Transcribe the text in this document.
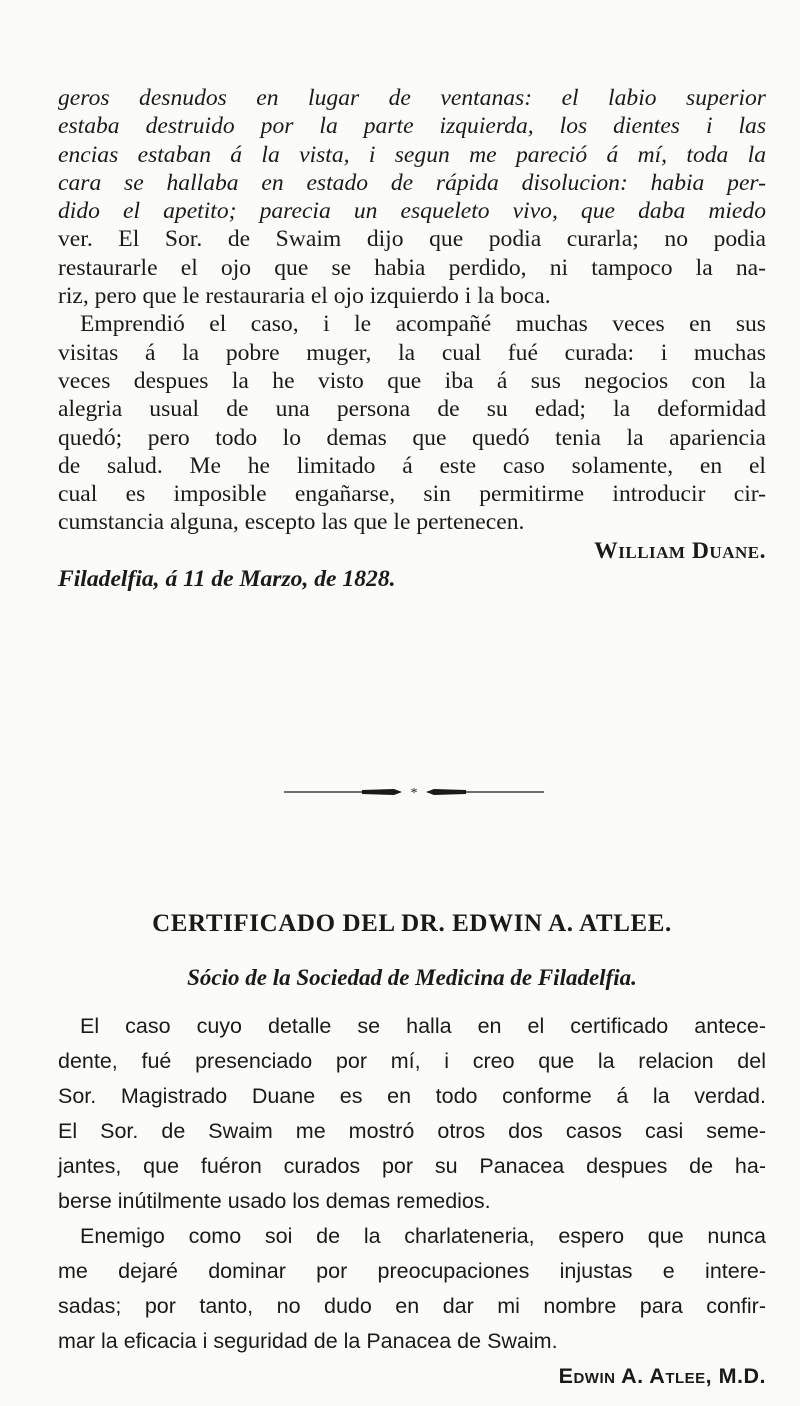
geros desnudos en lugar de ventanas: el labio superior
estaba destruido por la parte izquierda, los dientes i las
encias estaban á la vista, i segun me pareció á mí, toda la
cara se hallaba en estado de rápida disolucion: habia per-
dido el apetito; parecia un esqueleto vivo, que daba miedo
ver. El Sor. de Swaim dijo que podia curarla; no podia
restaurarle el ojo que se habia perdido, ni tampoco la na-
riz, pero que le restauraria el ojo izquierdo i la boca.
Emprendió el caso, i le acompañé muchas veces en sus
visitas á la pobre muger, la cual fué curada: i muchas
veces despues la he visto que iba á sus negocios con la
alegria usual de una persona de su edad; la deformidad
quedó; pero todo lo demas que quedó tenia la apariencia
de salud. Me he limitado á este caso solamente, en el
cual es imposible engañarse, sin permitirme introducir cir-
cumstancia alguna, escepto las que le pertenecen.
William Duane.
Filadelfia, á 11 de Marzo, de 1828.
*
CERTIFICADO DEL DR. EDWIN A. ATLEE.
Sócio de la Sociedad de Medicina de Filadelfia.
El caso cuyo detalle se halla en el certificado antece-
dente, fué presenciado por mí, i creo que la relacion del
Sor. Magistrado Duane es en todo conforme á la verdad.
El Sor. de Swaim me mostró otros dos casos casi seme-
jantes, que fuéron curados por su Panacea despues de ha-
berse inútilmente usado los demas remedios.
Enemigo como soi de la charlateneria, espero que nunca
me dejaré dominar por preocupaciones injustas e intere-
sadas; por tanto, no dudo en dar mi nombre para confir-
mar la eficacia i seguridad de la Panacea de Swaim.
Edwin A. Atlee, M.D.
